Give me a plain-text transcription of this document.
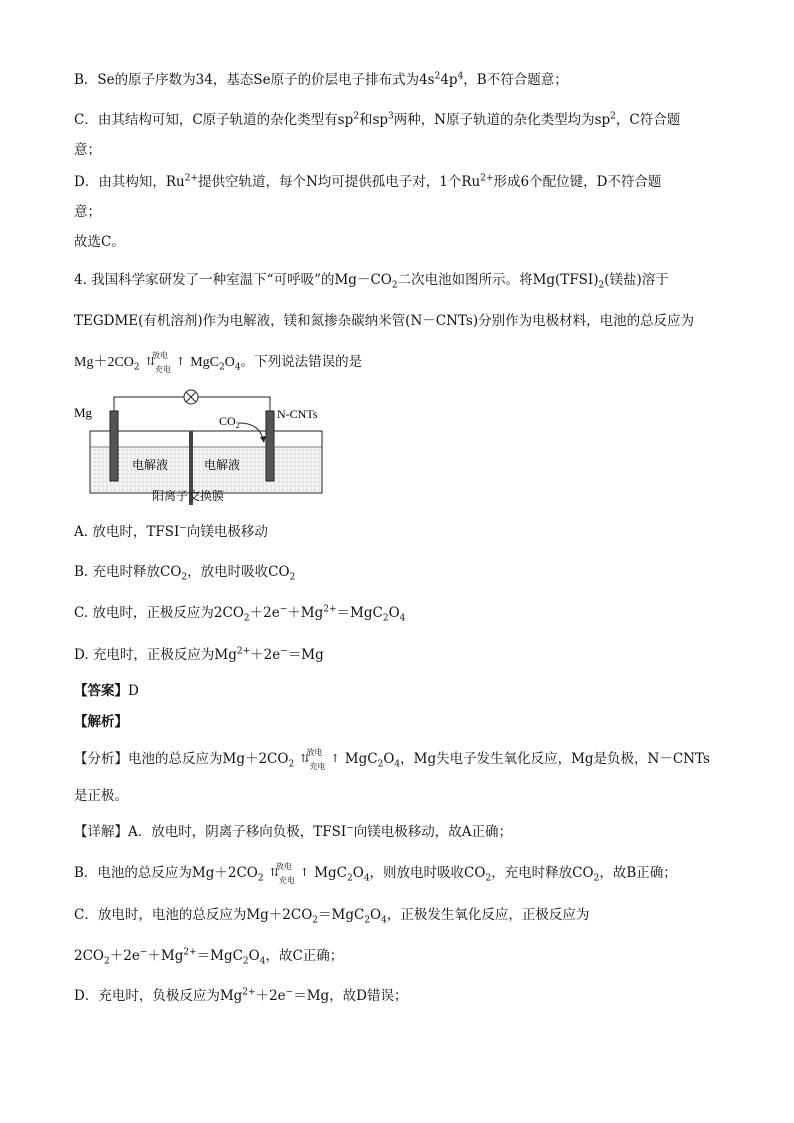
B．Se的原子序数为34，基态Se原子的价层电子排布式为$4s^24p^4$，B不符合题意；
C．由其结构可知，C原子轨道的杂化类型有$sp^2$和$sp^3$两种，N原子轨道的杂化类型均为$sp^2$，C符合题
意；
D．由其构知，$Ru^{2+}$提供空轨道，每个N均可提供孤电子对，1个$Ru^{2+}$形成6个配位键，D不符合题
意；
故选C。
4. 我国科学家研发了一种室温下“可呼吸”的$Mg-CO_2$二次电池如图所示。将$Mg(TFSI)_2$(镁盐)溶于
TEGDME(有机溶剂)作为电解液，镁和氮掺杂碳纳米管(N－CNTs)分别作为电极材料，电池的总反应为
$Mg+2CO_2$
放电
⇅ ↑
充电 $MgC_2O_4$。下列说法错误的是
Mg	N-CNTs
$CO_2$
电解液	电解液
阳离子交换膜
A. 放电时，TFSI−向镁电极移动
B. 充电时释放$CO_2$，放电时吸收$CO_2$
C. 放电时，正极反应为$2CO_2+2e^-+Mg^{2+}=MgC_2O_4$
D. 充电时，正极反应为$Mg^{2+}+2e^-=Mg$
【答案】D
【解析】
【分析】电池的总反应为$Mg+2CO_2$
放电
⇅ ↑
充电 $MgC_2O_4$，Mg失电子发生氧化反应，Mg是负极，N－CNTs
是正极。
【详解】A．放电时，阴离子移向负极，TFSI−向镁电极移动，故A正确；
B．电池的总反应为$Mg+2CO_2$
放电
⇅ ↑
充电 $MgC_2O_4$，则放电时吸收$CO_2$，充电时释放$CO_2$，故B正确；
C．放电时，电池的总反应为$Mg+2CO_2=MgC_2O_4$，正极发生氧化反应，正极反应为
$2CO_2+2e^-+Mg^{2+}=MgC_2O_4$，故C正确；
D．充电时，负极反应为$Mg^{2+}+2e^-=Mg$，故D错误；
